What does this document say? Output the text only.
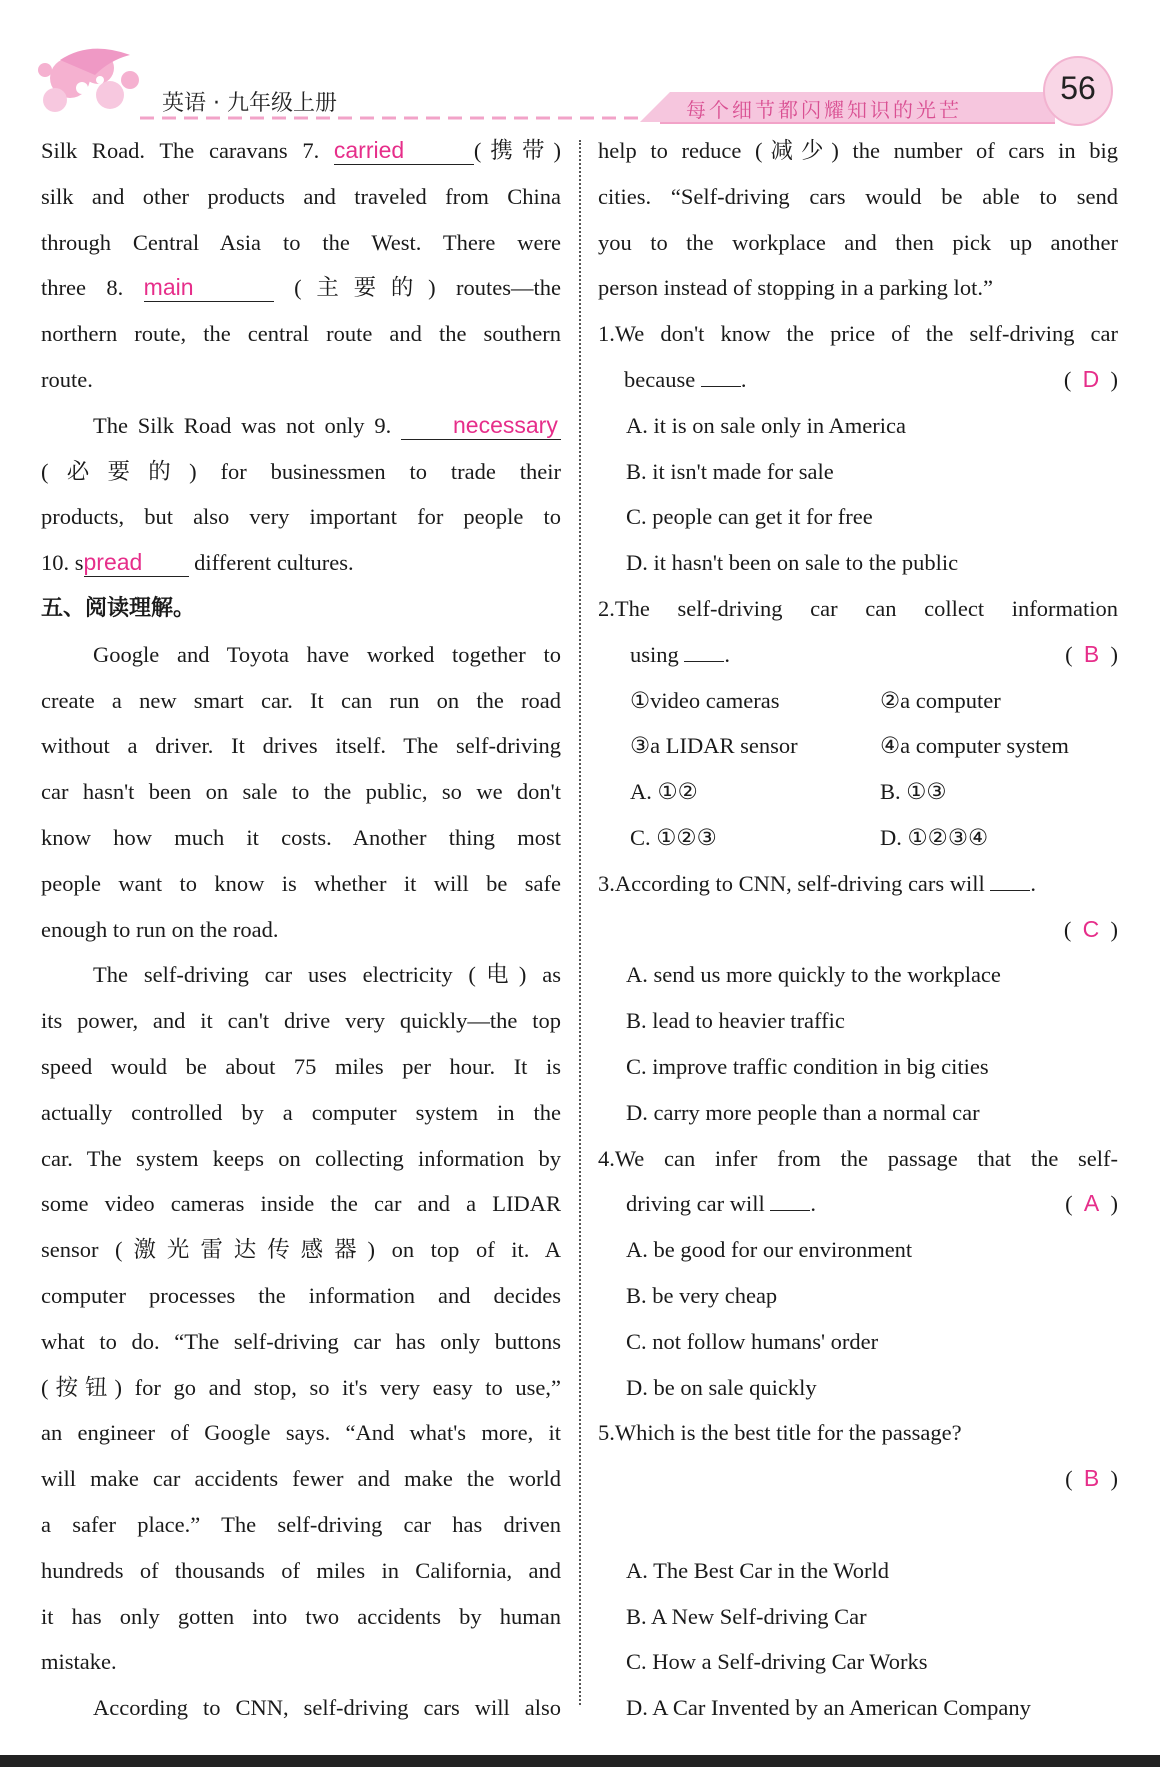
英语 · 九年级上册	每个细节都闪耀知识的光芒
56

Silk Road. The caravans 7. carried	(携带)

silk and other products and traveled from China

through Central Asia to the West. There were

three 8. main	(主要的) routes—the

northern route, the central route and the southern

route.

The Silk Road was not only 9.	necessary

(必要的) for businessmen to trade their

products, but also very important for people to

10. spread different cultures.

五、阅读理解。

Google and Toyota have worked together to

create a new smart car. It can run on the road

without a driver. It drives itself. The self-driving

car hasn't been on sale to the public, so we don't

know how much it costs. Another thing most

people want to know is whether it will be safe

enough to run on the road.

The self-driving car uses electricity (电) as

its power, and it can't drive very quickly—the top

speed would be about 75 miles per hour. It is

actually controlled by a computer system in the

car. The system keeps on collecting information by

some video cameras inside the car and a LIDAR

sensor (激光雷达传感器) on top of it. A

computer processes the information and decides

what to do. “The self-driving car has only buttons

(按钮) for go and stop, so it's very easy to use,”

an engineer of Google says. “And what's more, it

will make car accidents fewer and make the world

a safer place.” The self-driving car has driven

hundreds of thousands of miles in California, and

it has only gotten into two accidents by human

mistake.

According to CNN, self-driving cars will also

help to reduce (减少) the number of cars in big

cities. “Self-driving cars would be able to send

you to the workplace and then pick up another

person instead of stopping in a parking lot.”

1. We don't know the price of the self-driving car

because .	(  D  )

A. it is on sale only in America

B. it isn't made for sale

C. people can get it for free

D. it hasn't been on sale to the public

2. The self-driving car can collect information

using .	(  B  )

①video cameras	②a computer
③a LIDAR sensor	④a computer system
A. ①②	B. ①③
C. ①②③	D. ①②③④

3. According to CNN, self-driving cars will .

(  C  )

A. send us more quickly to the workplace

B. lead to heavier traffic

C. improve traffic condition in big cities

D. carry more people than a normal car

4. We can infer from the passage that the self-

driving car will .	(  A  )

A. be good for our environment

B. be very cheap

C. not follow humans' order

D. be on sale quickly

5. Which is the best title for the passage?

(  B  )

A. The Best Car in the World

B. A New Self-driving Car

C. How a Self-driving Car Works

D. A Car Invented by an American Company
